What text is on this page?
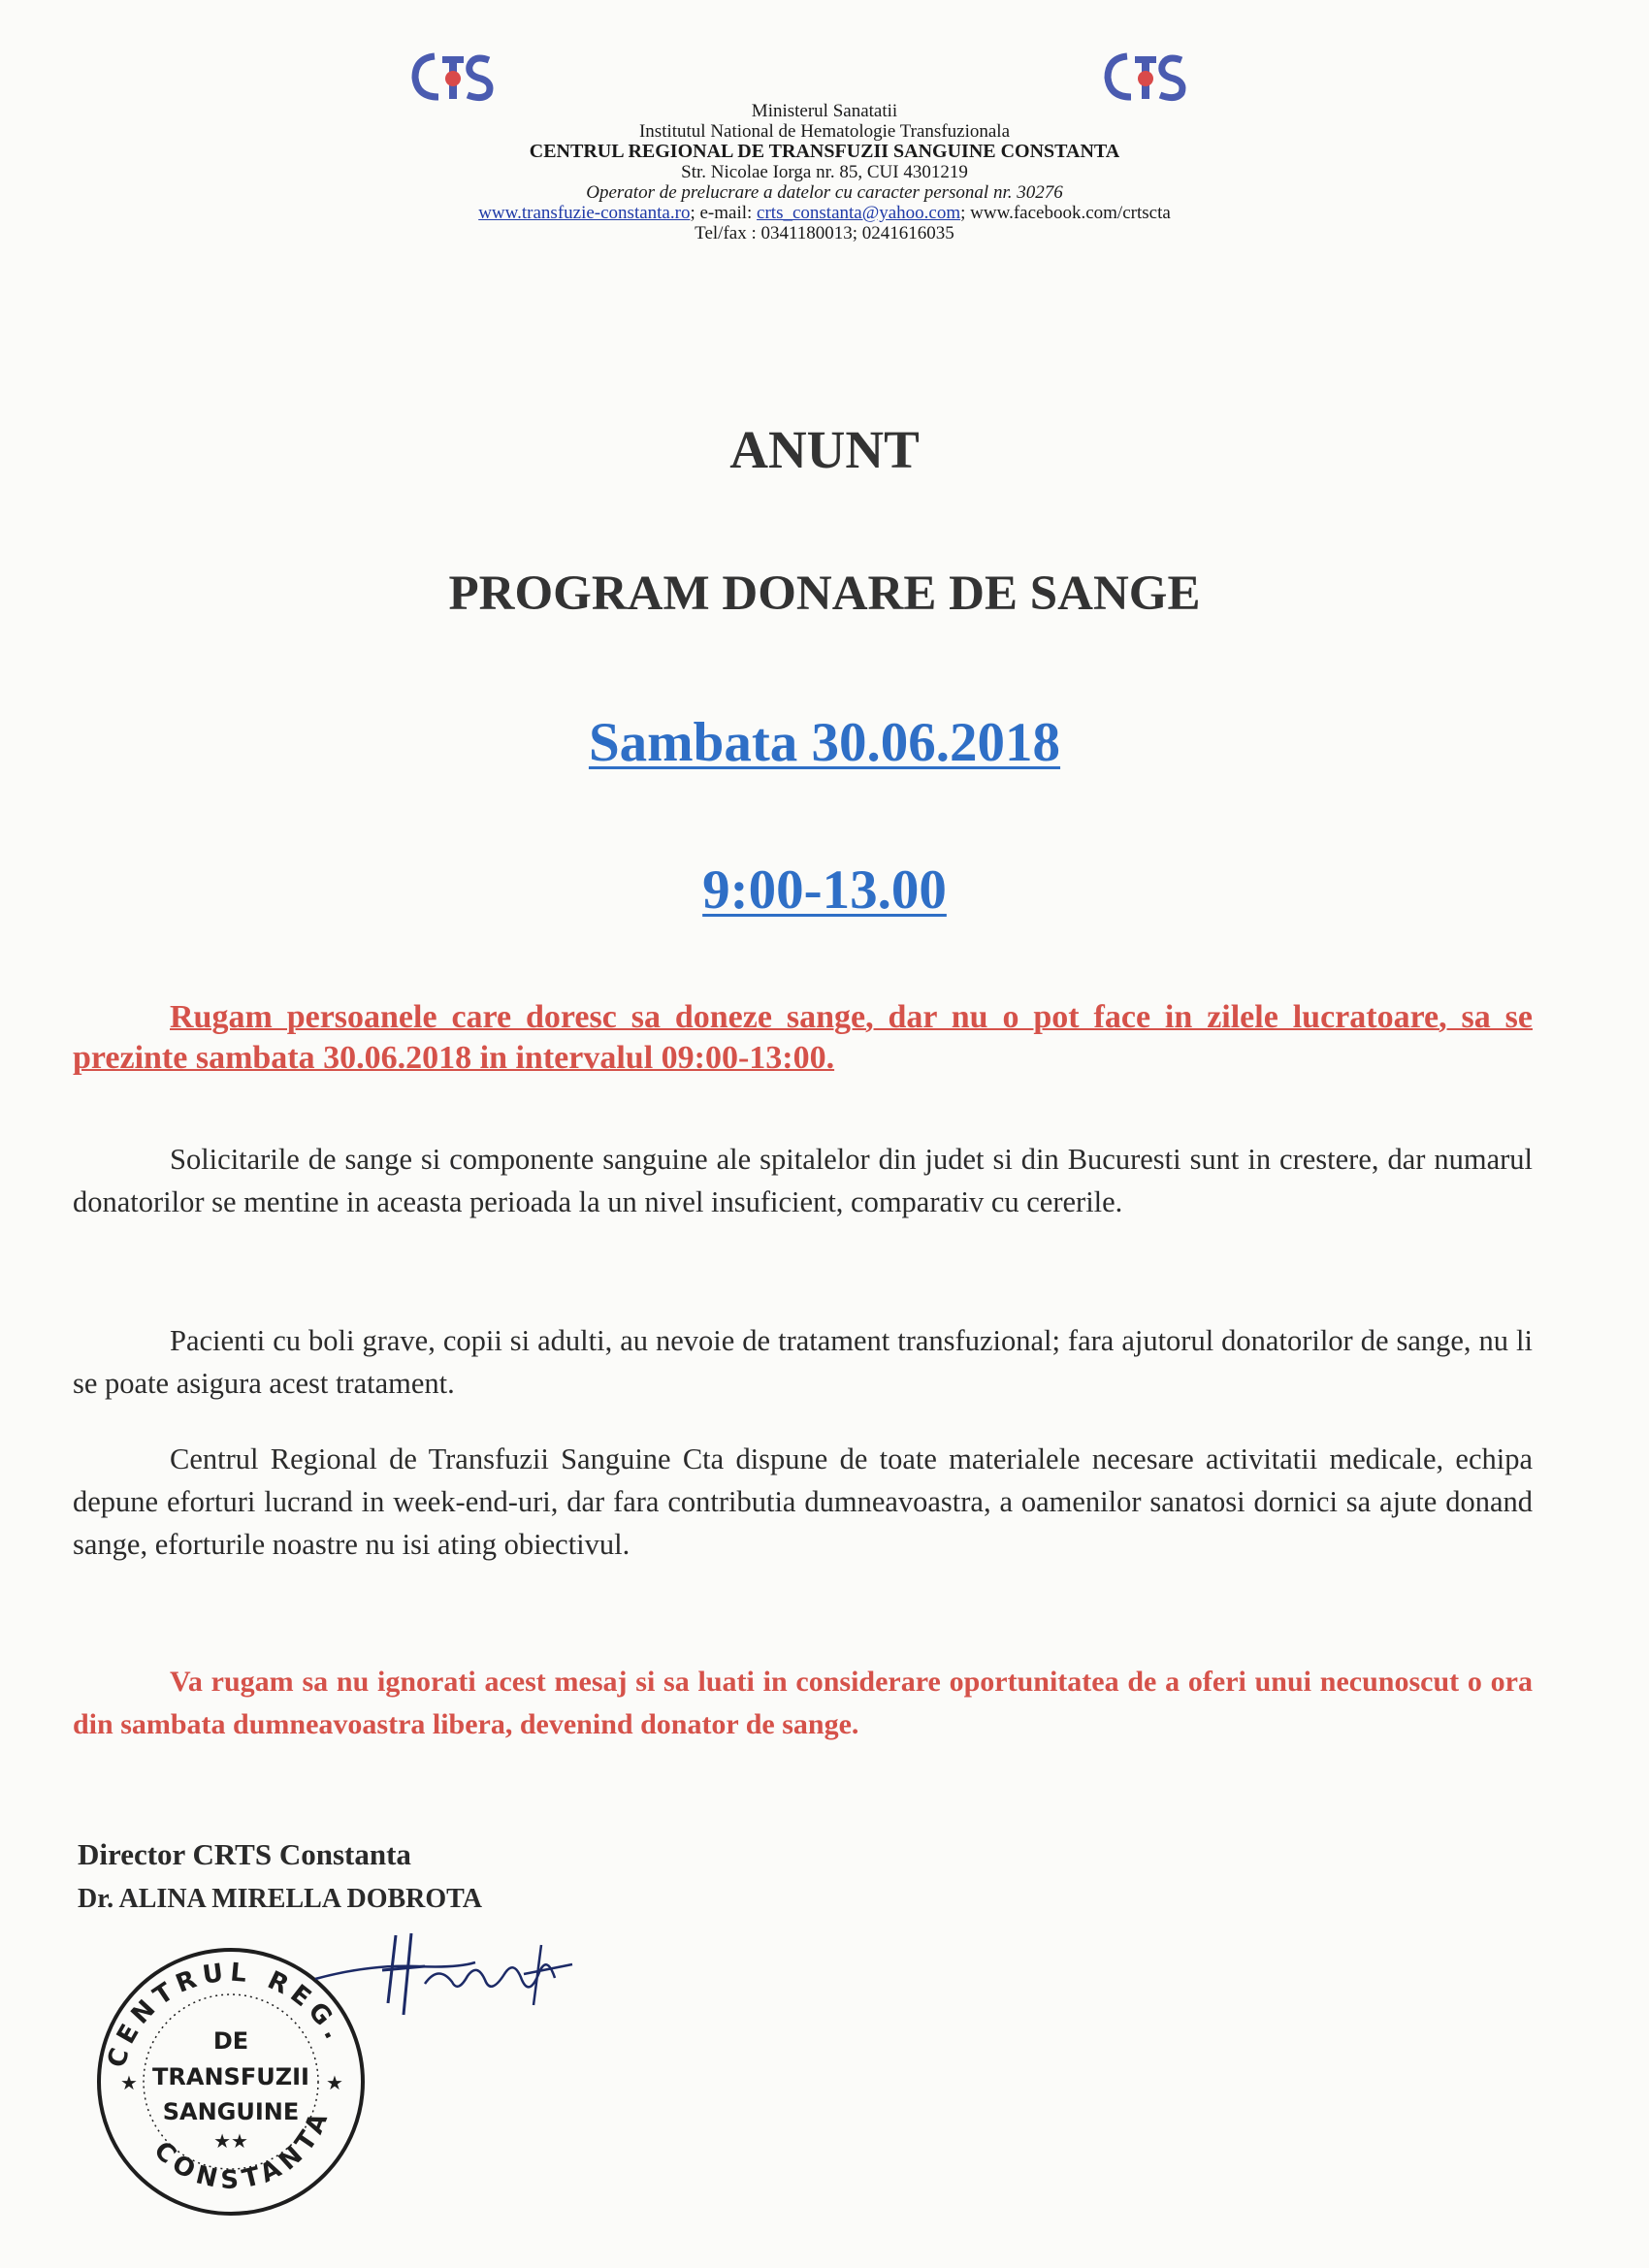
Ministerul Sanatatii
Institutul National de Hematologie Transfuzionala
CENTRUL REGIONAL DE TRANSFUZII SANGUINE CONSTANTA
Str. Nicolae Iorga nr. 85, CUI 4301219
Operator de prelucrare a datelor cu caracter personal nr. 30276
www.transfuzie-constanta.ro; e-mail: crts_constanta@yahoo.com; www.facebook.com/crtscta
Tel/fax : 0341180013; 0241616035
ANUNT
PROGRAM DONARE DE SANGE
Sambata 30.06.2018
9:00-13.00
Rugam persoanele care doresc sa doneze sange, dar nu o pot face in zilele lucratoare, sa se prezinte sambata 30.06.2018 in intervalul 09:00-13:00.
Solicitarile de sange si componente sanguine ale spitalelor din judet si din Bucuresti sunt in crestere, dar numarul donatorilor se mentine in aceasta perioada la un nivel insuficient, comparativ cu cererile.
Pacienti cu boli grave, copii si adulti, au nevoie de tratament transfuzional; fara ajutorul donatorilor de sange, nu li se poate asigura acest tratament.
Centrul Regional de Transfuzii Sanguine Cta dispune de toate materialele necesare activitatii medicale, echipa depune eforturi lucrand in week-end-uri, dar fara contributia dumneavoastra, a oamenilor sanatosi dornici sa ajute donand sange, eforturile noastre nu isi ating obiectivul.
Va rugam sa nu ignorati acest mesaj si sa luati in considerare oportunitatea de a oferi unui necunoscut o ora din sambata dumneavoastra libera, devenind donator de sange.
Director CRTS Constanta
Dr. ALINA MIRELLA DOBROTA
CENTRUL REG.
CONSTANTA
DE
TRANSFUZII
SANGUINE
★★
★	★
